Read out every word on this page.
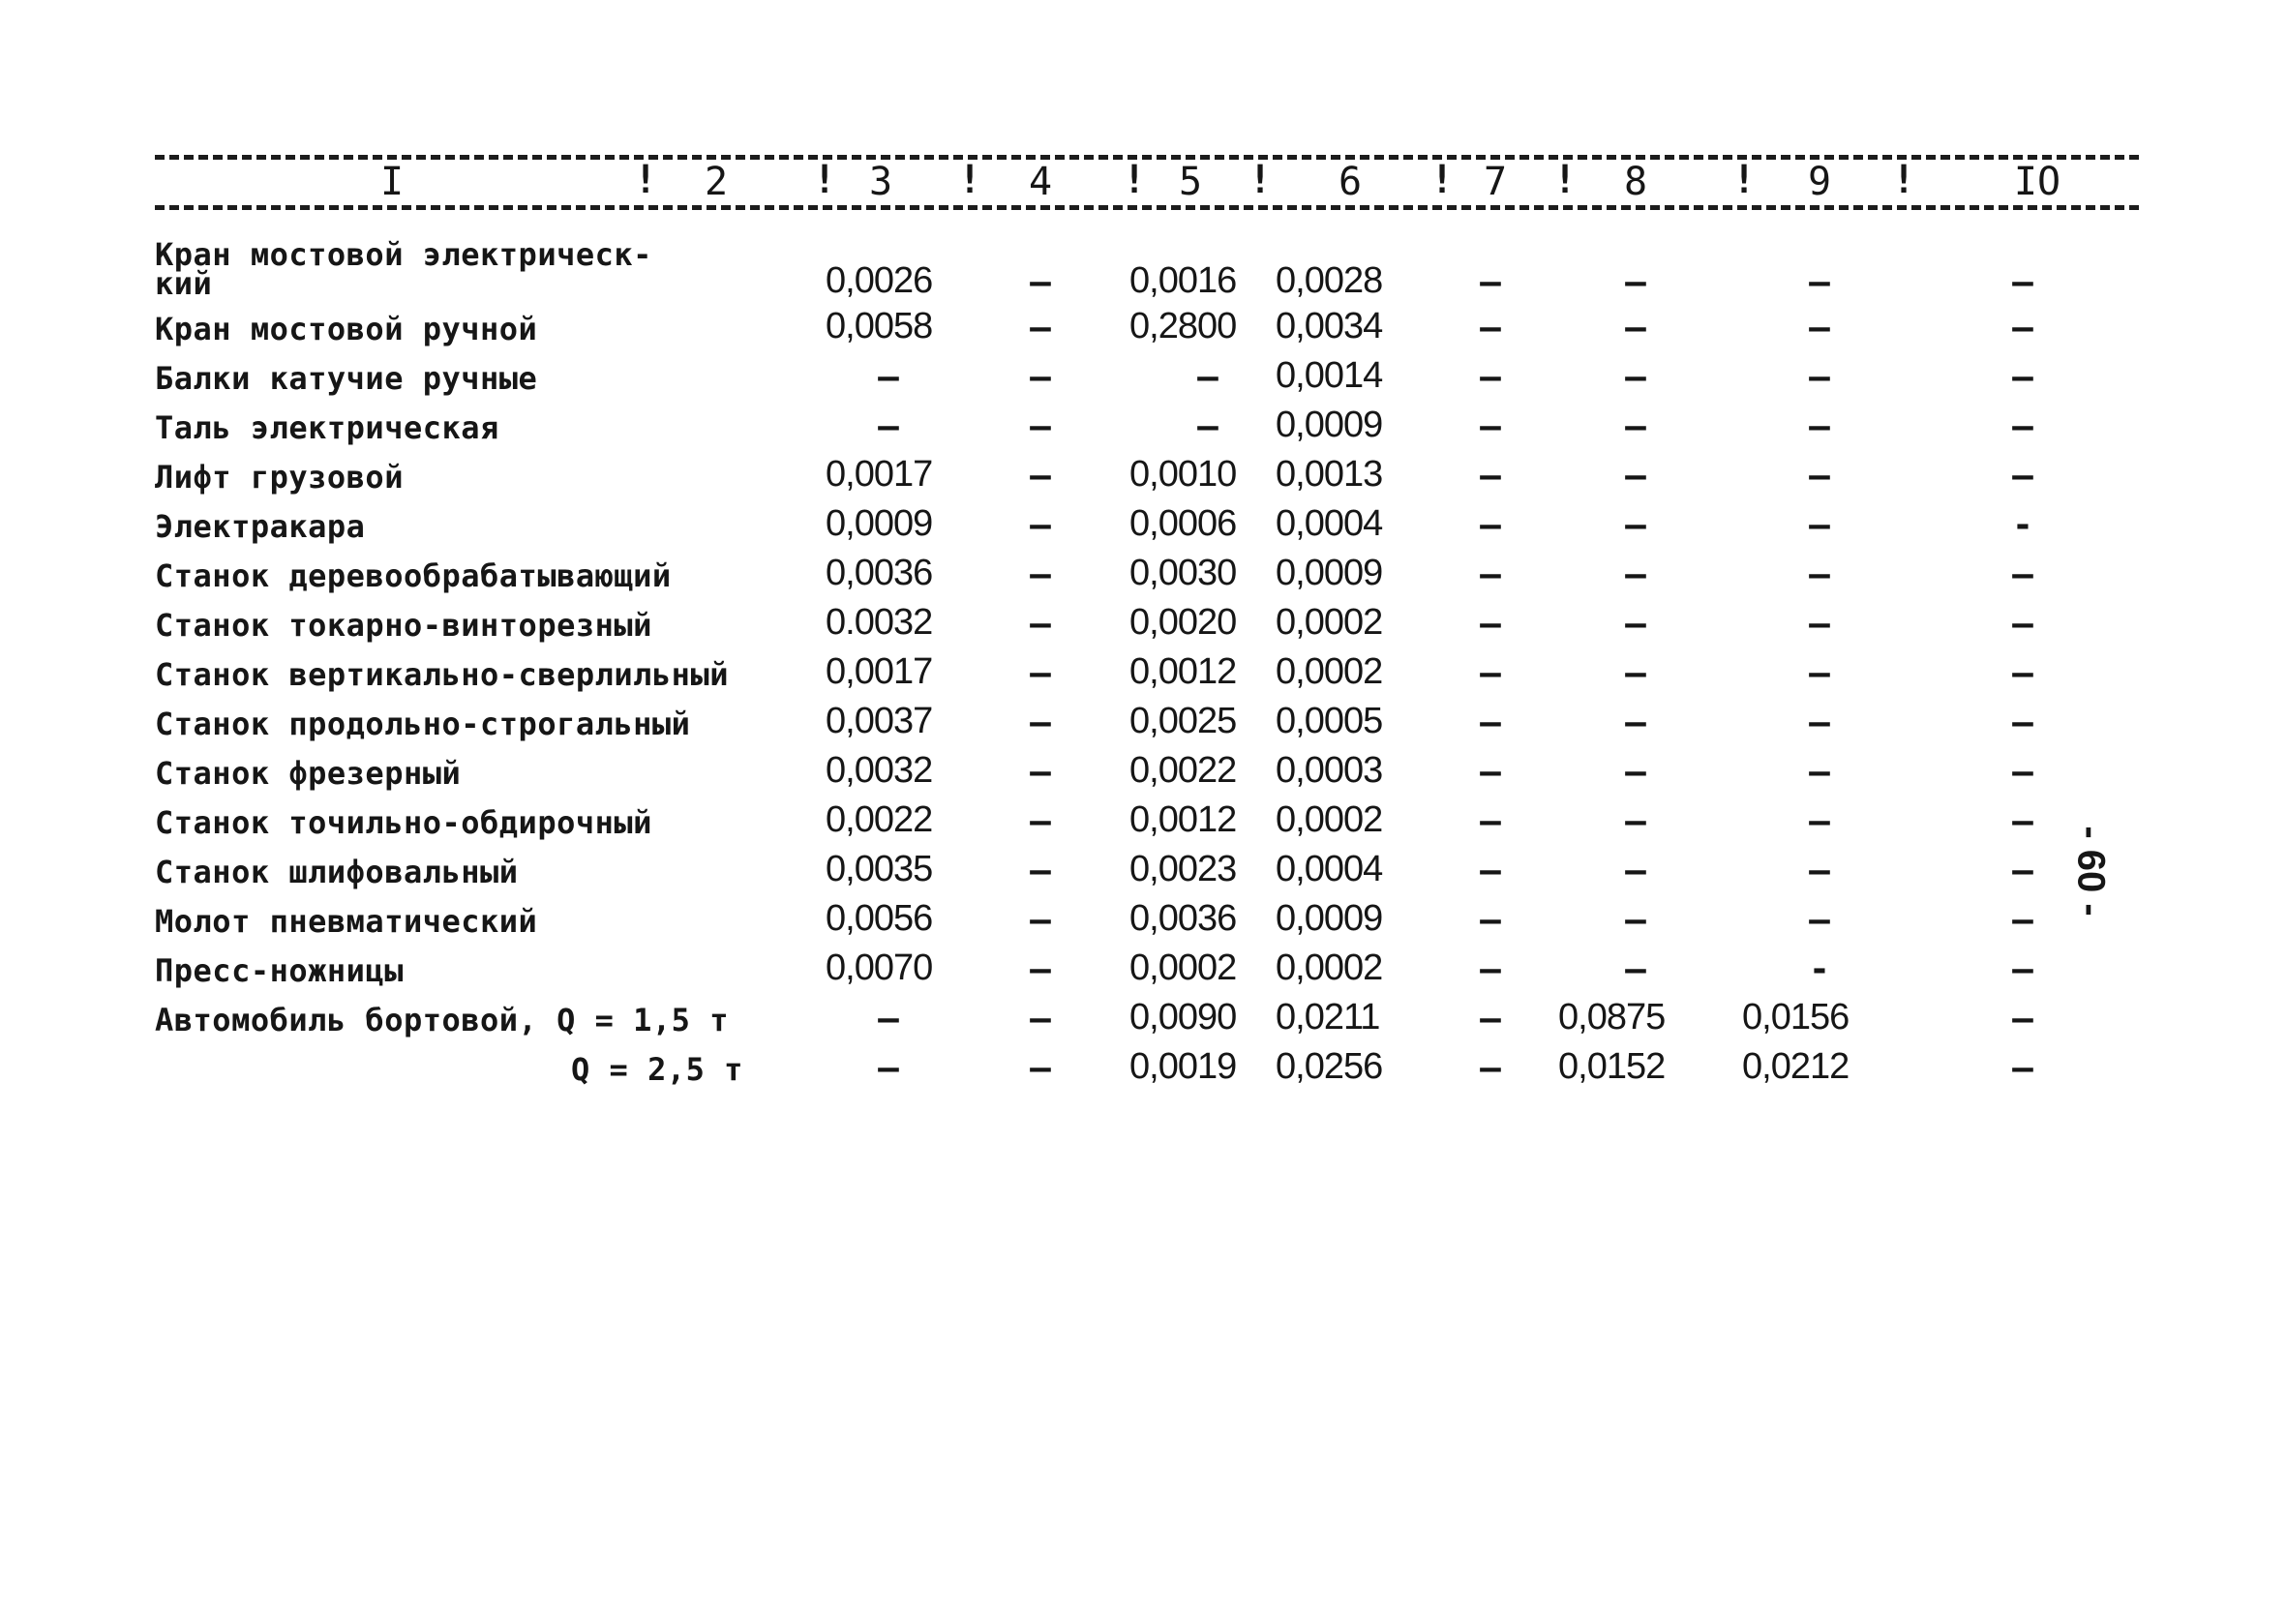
I	!	2	! 3	!	4	! 5	!	6	! 7	!	8	!	9	!	IO
Кран мостовой электрическ-
кий	0,0026	– 0,0016 0,0028	–	–	–	–
Кран мостовой ручной	0,0058	– 0,2800 0,0034	–	–	–	–
Балки катучие ручные	–	–	– 0,0014	–	–	–	–
Таль электрическая	–	–	– 0,0009	–	–	–	–
Лифт грузовой	0,0017	– 0,0010 0,0013	–	–	–	–
Электракара	0,0009	– 0,0006 0,0004	–	–	–	-
Станок деревообрабатывающий	0,0036	– 0,0030 0,0009	–	–	–	–
Станок токарно-винторезный	0.0032	– 0,0020 0,0002	–	–	–	–
Станок вертикально-сверлильный	0,0017	– 0,0012 0,0002	–	–	–	–
Станок продольно-строгальный	0,0037	– 0,0025 0,0005	–	–	–	–
Станок фрезерный	0,0032	– 0,0022 0,0003	–	–	–	–
Станок точильно-обдирочный	0,0022	– 0,0012 0,0002	–	–	–	–
Станок шлифовальный	0,0035	– 0,0023 0,0004	–	–	–	–
Молот пневматический	0,0056	– 0,0036 0,0009	–	–	–	–
Пресс-ножницы	0,0070	– 0,0002 0,0002	–	–	-	–
Автомобиль бортовой, Q = 1,5 т	–	– 0,0090 0,0211	– 0,0875 0,0156	–
Q = 2,5 т	–	– 0,0019 0,0256	– 0,0152 0,0212	–
- 60 -
